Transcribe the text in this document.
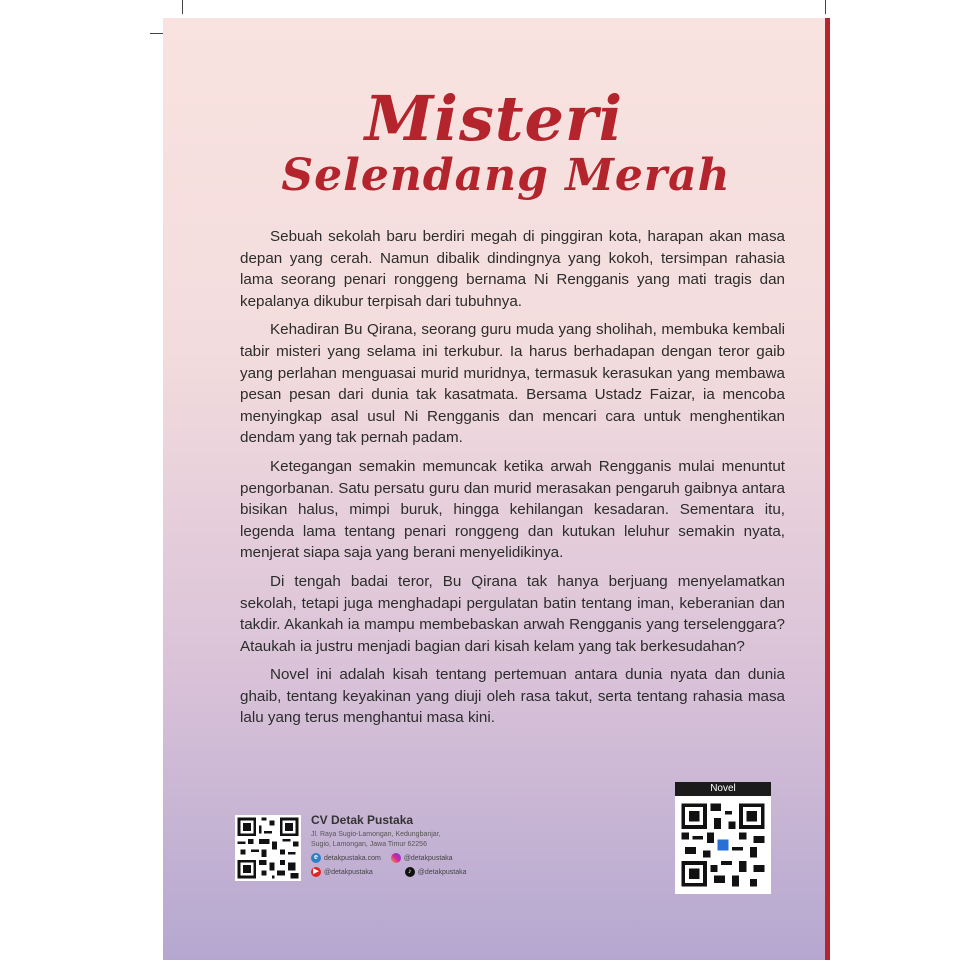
Misteri
Selendang Merah

Sebuah sekolah baru berdiri megah di pinggiran kota, harapan akan masa depan yang cerah. Namun dibalik dindingnya yang kokoh, tersimpan rahasia lama seorang penari ronggeng bernama Ni Rengganis yang mati tragis dan kepalanya dikubur terpisah dari tubuhnya.

Kehadiran Bu Qirana, seorang guru muda yang sholihah, membuka kembali tabir misteri yang selama ini terkubur. Ia harus berhadapan dengan teror gaib yang perlahan menguasai murid muridnya, termasuk kerasukan yang membawa pesan pesan dari dunia tak kasatmata. Bersama Ustadz Faizar, ia mencoba menyingkap asal usul Ni Rengganis dan mencari cara untuk menghentikan dendam yang tak pernah padam.

Ketegangan semakin memuncak ketika arwah Rengganis mulai menuntut pengorbanan. Satu persatu guru dan murid merasakan pengaruh gaibnya antara bisikan halus, mimpi buruk, hingga kehilangan kesadaran. Sementara itu, legenda lama tentang penari ronggeng dan kutukan leluhur semakin nyata, menjerat siapa saja yang berani menyelidikinya.

Di tengah badai teror, Bu Qirana tak hanya berjuang menyelamatkan sekolah, tetapi juga menghadapi pergulatan batin tentang iman, keberanian dan takdir. Akankah ia mampu membebaskan arwah Rengganis yang terselenggara? Ataukah ia justru menjadi bagian dari kisah kelam yang tak berkesudahan?

Novel ini adalah kisah tentang pertemuan antara dunia nyata dan dunia ghaib, tentang keyakinan yang diuji oleh rasa takut, serta tentang rahasia masa lalu yang terus menghantui masa kini.

CV Detak Pustaka
Jl. Raya Sugio-Lamongan, Kedungbanjar,
Sugio, Lamongan, Jawa Timur 62256
e detakpustaka.com	@detakpustaka
▶ @detakpustaka	♪ @detakpustaka
Novel
